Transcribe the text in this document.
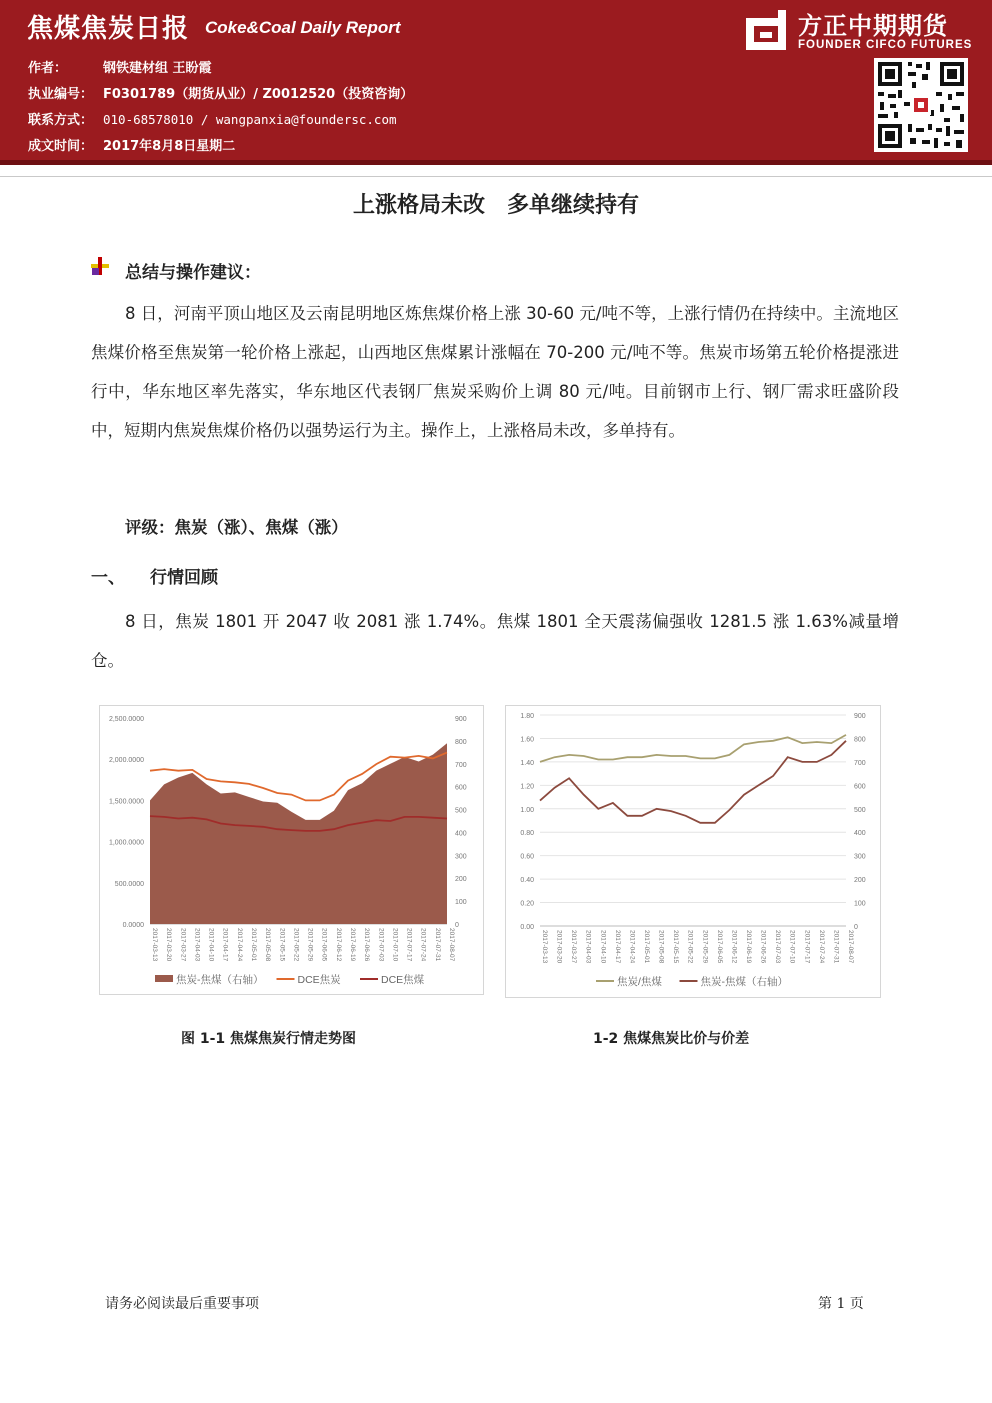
焦煤焦炭日报 Coke&Coal Daily Report
作者：	钢铁建材组 王盼霞
执业编号： F0301789（期货从业）/ Z0012520（投资咨询）
联系方式： 010-68578010 / wangpanxia@foundersc.com
成文时间： 2017年8月8日星期二
方正中期期货
FOUNDER CIFCO FUTURES
上涨格局未改　多单继续持有
总结与操作建议：

8 日，河南平顶山地区及云南昆明地区炼焦煤价格上涨 30-60 元/吨不等，上涨行情仍在持续中。主流地区焦煤价格至焦炭第一轮价格上涨起，山西地区焦煤累计涨幅在 70-200 元/吨不等。焦炭市场第五轮价格提涨进行中，华东地区率先落实，华东地区代表钢厂焦炭采购价上调 80 元/吨。目前钢市上行、钢厂需求旺盛阶段中，短期内焦炭焦煤价格仍以强势运行为主。操作上，上涨格局未改，多单持有。

评级：焦炭（涨）、焦煤（涨）
一、 行情回顾

8 日，焦炭 1801 开 2047 收 2081 涨 1.74%。焦煤 1801 全天震荡偏强收 1281.5 涨 1.63%减量增仓。

0.0000
500.0000
1,000.0000
1,500.0000
2,000.0000
2,500.0000
0
100
200
300
400
500
600
700
800
900
2017-03-13 2017-03-20 2017-03-27 2017-04-03 2017-04-10 2017-04-17 2017-04-24 2017-05-01 2017-05-08 2017-05-15 2017-05-22 2017-05-29 2017-06-05 2017-06-12 2017-06-19 2017-06-26 2017-07-03 2017-07-10 2017-07-17 2017-07-24 2017-07-31 2017-08-07
焦炭-焦煤（右轴）	DCE焦炭	DCE焦煤
0.00
0.20
0.40
0.60
0.80
1.00
1.20
1.40
1.60
1.80
0
100
200
300
400
500
600
700
800
900
2017-03-13 2017-03-20 2017-03-27 2017-04-03 2017-04-10 2017-04-17 2017-04-24 2017-05-01 2017-05-08 2017-05-15 2017-05-22 2017-05-29 2017-06-05 2017-06-12 2017-06-19 2017-06-26 2017-07-03 2017-07-10 2017-07-17 2017-07-24 2017-07-31 2017-08-07
焦炭/焦煤	焦炭-焦煤（右轴）
图 1-1 焦煤焦炭行情走势图	1-2 焦煤焦炭比价与价差
请务必阅读最后重要事项	第 1 页
